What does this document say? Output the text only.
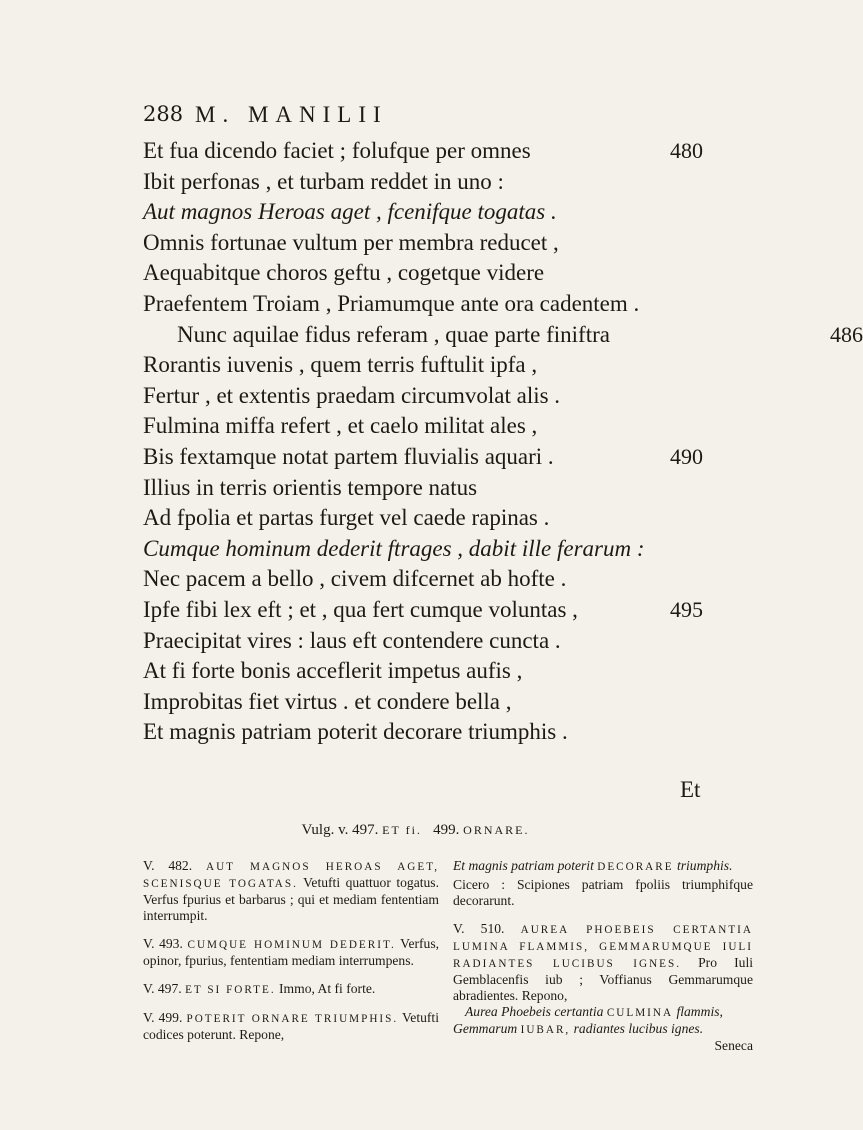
288 M. MANILII
Et fua dicendo faciet ; folufque per omnes	480
Ibit perfonas , et turbam reddet in uno :
Aut magnos Heroas aget , fcenifque togatas .
Omnis fortunae vultum per membra reducet ,
Aequabitque choros geftu , cogetque videre
Praefentem Troiam , Priamumque ante ora cadentem .
Nunc aquilae fidus referam , quae parte finiftra	486
Rorantis iuvenis , quem terris fuftulit ipfa ,
Fertur , et extentis praedam circumvolat alis .
Fulmina miffa refert , et caelo militat ales ,
Bis fextamque notat partem fluvialis aquari .	490
Illius in terris orientis tempore natus
Ad fpolia et partas furget vel caede rapinas .
Cumque hominum dederit ftrages , dabit ille ferarum :
Nec pacem a bello , civem difcernet ab hofte .
Ipfe fibi lex eft ; et , qua fert cumque voluntas ,	495
Praecipitat vires : laus eft contendere cuncta .
At fi forte bonis acceflerit impetus aufis ,
Improbitas fiet virtus . et condere bella ,
Et magnis patriam poterit decorare triumphis .
Et
Vulg. v. 497. ET fi. 499. ORNARE.

V. 482. AUT MAGNOS HEROAS AGET, SCENISQUE TOGATAS. Vetufti quattuor togatus. Verfus fpurius et barbarus ; qui et mediam fententiam interrumpit.

V. 493. CUMQUE HOMINUM DEDERIT. Verfus, opinor, fpurius, fententiam mediam interrumpens.

V. 497. ET SI FORTE. Immo, At fi forte.

V. 499. POTERIT ORNARE TRIUMPHIS. Vetufti codices poterunt. Repone,

Et magnis patriam poterit DECORARE triumphis.

Cicero : Scipiones patriam fpoliis triumphifque decorarunt.

V. 510. AUREA PHOEBEIS CERTANTIA LUMINA FLAMMIS, GEMMARUMQUE IULI RADIANTES LUCIBUS IGNES. Pro Iuli Gemblacenfis iub ; Voffianus Gemmarumque abradientes. Repono,

Aurea Phoebeis certantia CULMINA flammis,

Gemmarum IUBAR, radiantes lucibus ignes.

Seneca
